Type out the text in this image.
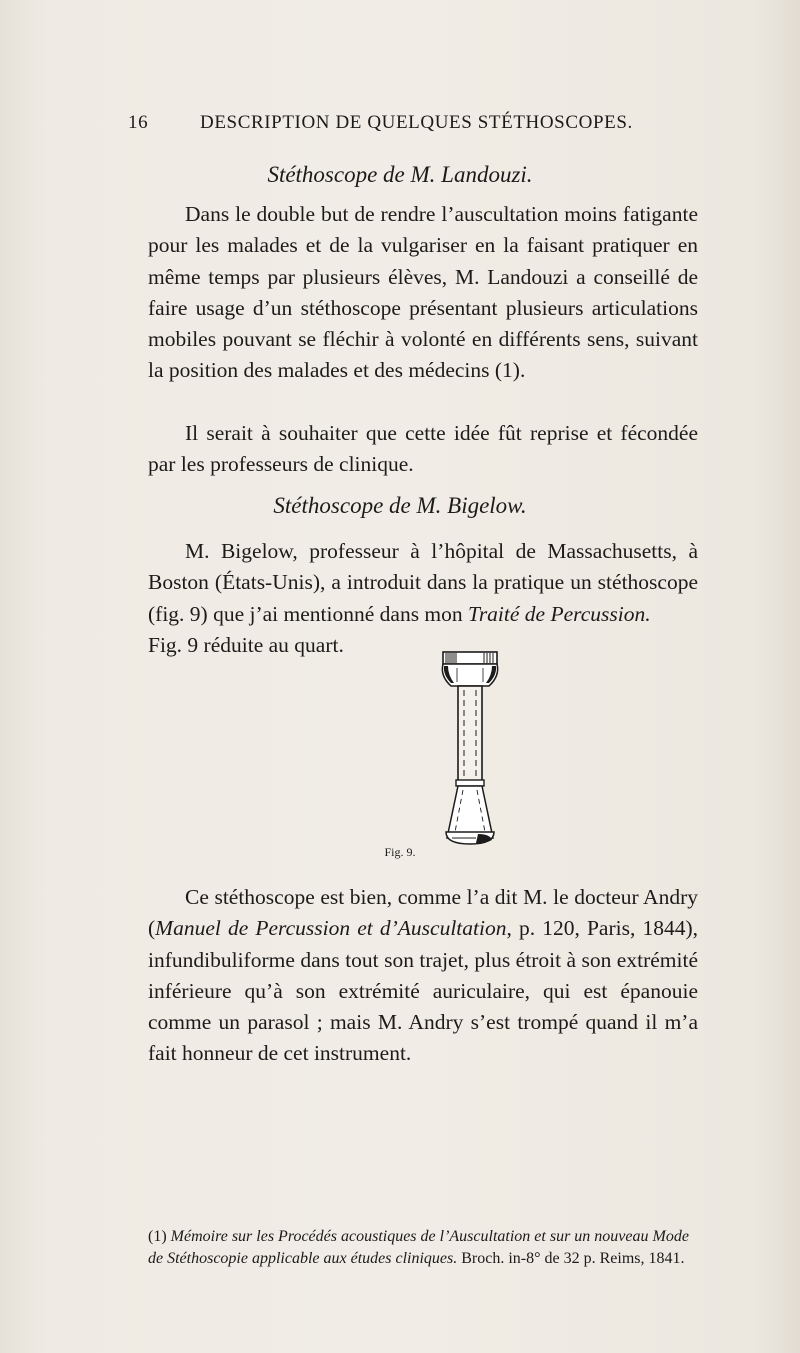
16	DESCRIPTION DE QUELQUES STÉTHOSCOPES.
Stéthoscope de M. Landouzi.

Dans le double but de rendre l’auscultation moins fatigante pour les malades et de la vulgariser en la faisant pratiquer en même temps par plusieurs élèves, M. Landouzi a conseillé de faire usage d’un stéthoscope présentant plusieurs articulations mobiles pouvant se fléchir à volonté en différents sens, suivant la position des malades et des médecins (1).

Il serait à souhaiter que cette idée fût reprise et fécondée par les professeurs de clinique.

Stéthoscope de M. Bigelow.

M. Bigelow, professeur à l’hôpital de Massachusetts, à Boston (États-Unis), a introduit dans la pratique un stéthoscope (fig. 9) que j’ai mentionné dans mon Traité de Percussion.

Fig. 9 réduite au quart.

Fig. 9.

Ce stéthoscope est bien, comme l’a dit M. le docteur Andry (Manuel de Percussion et d’Auscultation, p. 120, Paris, 1844), infundibuliforme dans tout son trajet, plus étroit à son extrémité inférieure qu’à son extrémité auriculaire, qui est épanouie comme un parasol ; mais M. Andry s’est trompé quand il m’a fait honneur de cet instrument.

(1) Mémoire sur les Procédés acoustiques de l’Auscultation et sur un nouveau Mode de Stéthoscopie applicable aux études cliniques. Broch. in-8° de 32 p. Reims, 1841.
